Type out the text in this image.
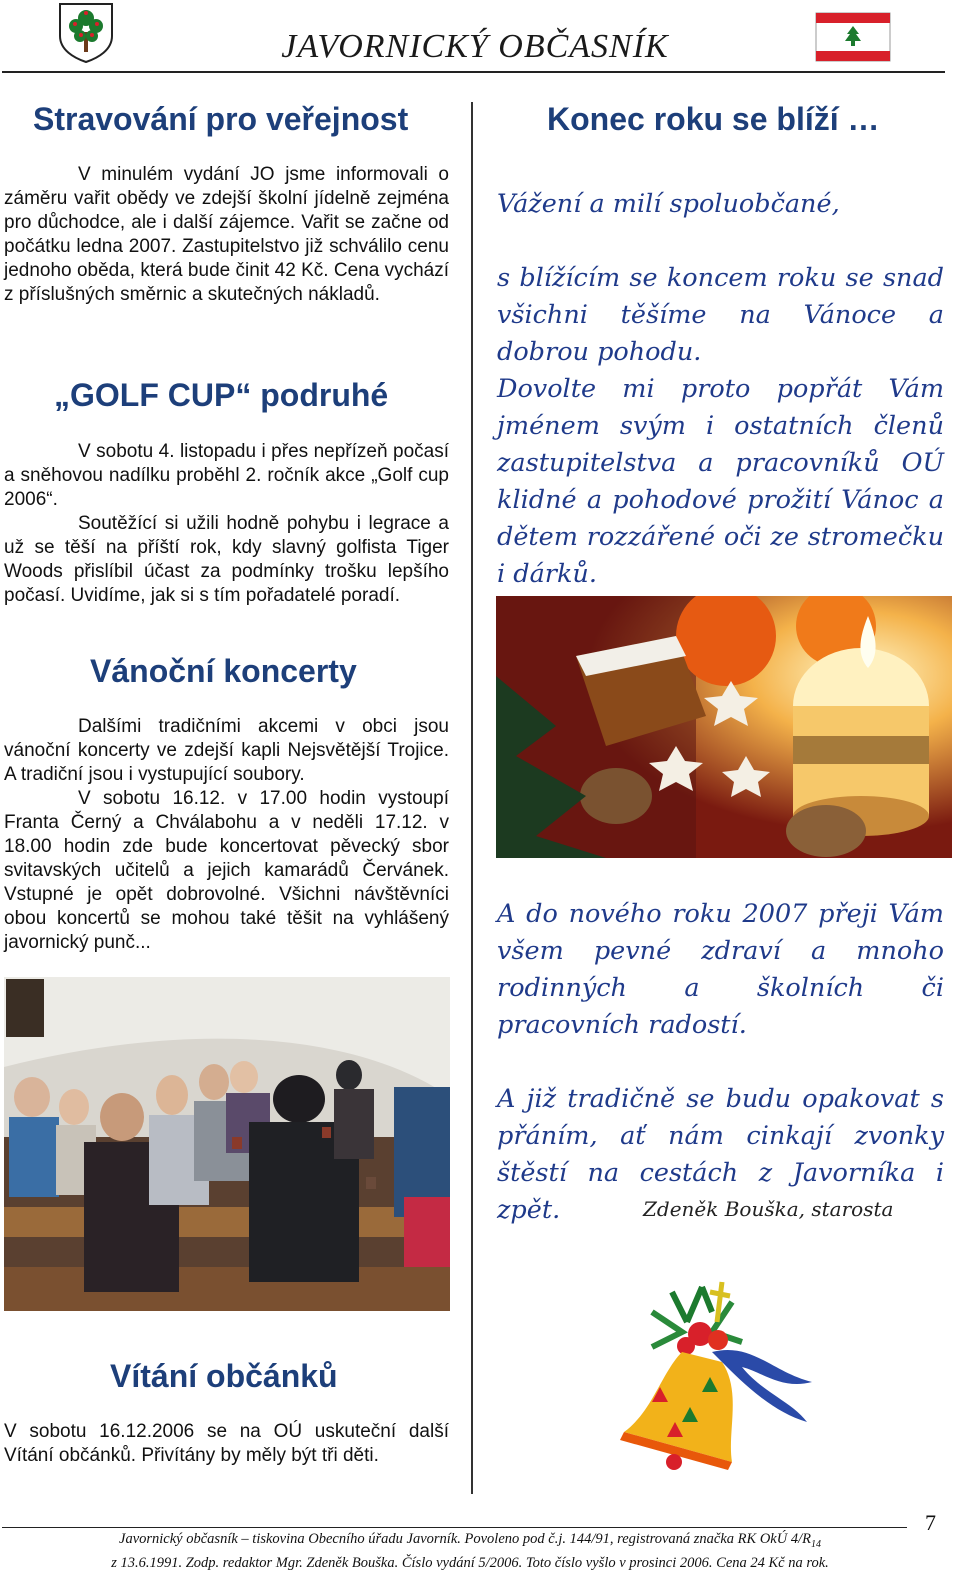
JAVORNICKÝ OBČASNÍK
Stravování pro veřejnost
V minulém vydání JO jsme informovali o záměru vařit obědy ve zdejší školní jídelně zejména pro důchodce, ale i další zájemce. Vařit se začne od počátku ledna 2007. Zastupitelstvo již schválilo cenu jednoho oběda, která bude činit 42 Kč. Cena vychází z příslušných směrnic a skutečných nákladů.
„GOLF CUP“ podruhé

V sobotu 4. listopadu i přes nepřízeň počasí a sněhovou nadílku proběhl 2. ročník akce „Golf cup 2006“.

Soutěžící si užili hodně pohybu i legrace a už se těší na příští rok, kdy slavný golfista Tiger Woods přislíbil účast za podmínky trošku lepšího počasí. Uvidíme, jak si s tím pořadatelé poradí.

Vánoční koncerty

Dalšími tradičními akcemi v obci jsou vánoční koncerty ve zdejší kapli Nejsvětější Trojice. A tradiční jsou i vystupující soubory.

V sobotu 16.12. v 17.00 hodin vystoupí Franta Černý a Chválabohu a v neděli 17.12. v 18.00 hodin zde bude koncertovat pěvecký sbor svitavských učitelů a jejich kamarádů Červánek. Vstupné je opět dobrovolné. Všichni návštěvníci obou koncertů se mohou také těšit na vyhlášený javornický punč...

Vítání občánků
V sobotu 16.12.2006 se na OÚ uskuteční další Vítání občánků. Přivítány by měly být tři děti.
Konec roku se blíží …

Vážení a milí spoluobčané,

s blížícím se koncem roku se snad všichni těšíme na Vánoce a dobrou pohodu.

Dovolte mi proto popřát Vám jménem svým i ostatních členů zastupitelstva a pracovníků OÚ klidné a pohodové prožití Vánoc a dětem rozzářené oči ze stromečku i dárků.

A do nového roku 2007 přeji Vám všem pevné zdraví a mnoho rodinných a školních či pracovních radostí.

A již tradičně se budu opakovat s přáním, ať nám cinkají zvonky štěstí na cestách z Javorníka i zpět.	Zdeněk Bouška, starosta
Javornický občasník – tiskovina Obecního úřadu Javorník. Povoleno pod č.j. 144/91, registrovaná značka RK OkÚ $4/R_{14}$
z 13.6.1991. Zodp. redaktor Mgr. Zdeněk Bouška. Číslo vydání 5/2006. Toto číslo vyšlo v prosinci 2006. Cena 24 Kč na rok.
7
